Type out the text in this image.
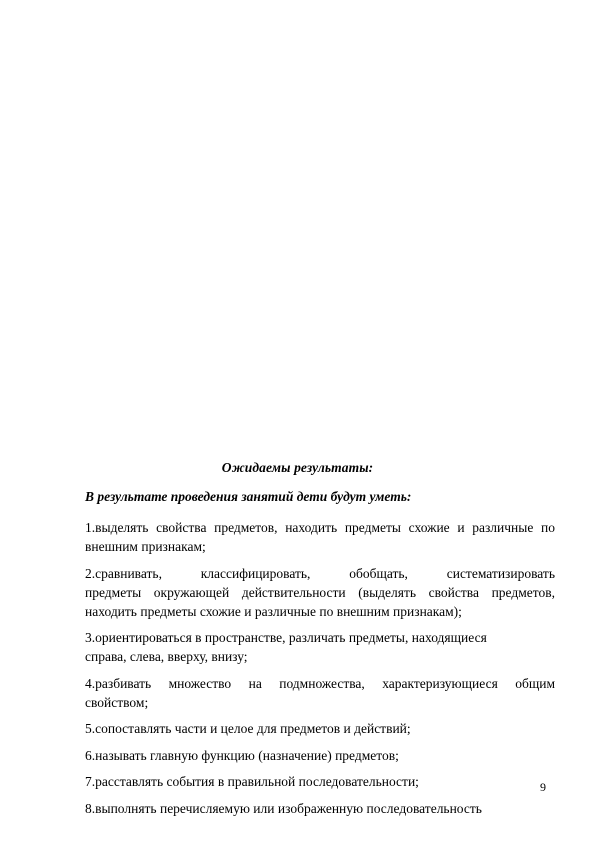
Ожидаемы результаты:
В результате проведения занятий дети будут уметь:
1.выделять свойства предметов, находить предметы схожие и различные по
внешним признакам;
2.сравнивать, классифицировать, обобщать, систематизировать
предметы окружающей действительности (выделять свойства предметов,
находить предметы схожие и различные по внешним признакам);
3.ориентироваться в пространстве, различать предметы, находящиеся
справа, слева, вверху, внизу;
4.разбивать множество на подмножества, характеризующиеся общим
свойством;
5.сопоставлять части и целое для предметов и действий;
6.называть главную функцию (назначение) предметов;
7.расставлять события в правильной последовательности;
8.выполнять перечисляемую или изображенную последовательность
9
